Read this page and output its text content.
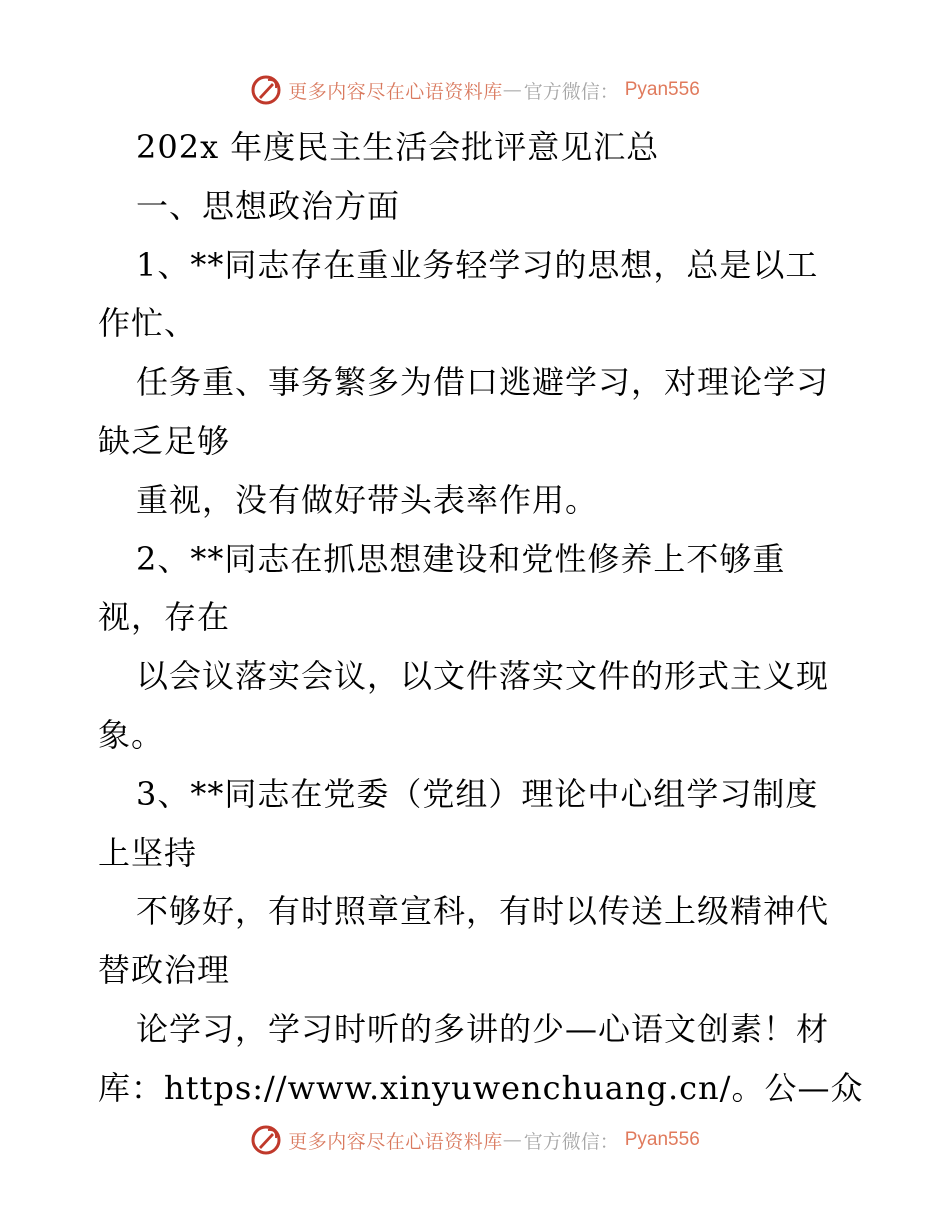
更多内容尽在心语资料库 — 官方微信： Pyan556
202x 年度民主生活会批评意见汇总
一、思想政治方面
1、**同志存在重业务轻学习的思想，总是以工
作忙、
任务重、事务繁多为借口逃避学习，对理论学习
缺乏足够
重视，没有做好带头表率作用。
2、**同志在抓思想建设和党性修养上不够重
视，存在
以会议落实会议，以文件落实文件的形式主义现
象。
3、**同志在党委（党组）理论中心组学习制度
上坚持
不够好，有时照章宣科，有时以传送上级精神代
替政治理
论学习，学习时听的多讲的少—心语文创素！材
库：https://www.xinyuwenchuang.cn/。公—众
更多内容尽在心语资料库 — 官方微信： Pyan556
